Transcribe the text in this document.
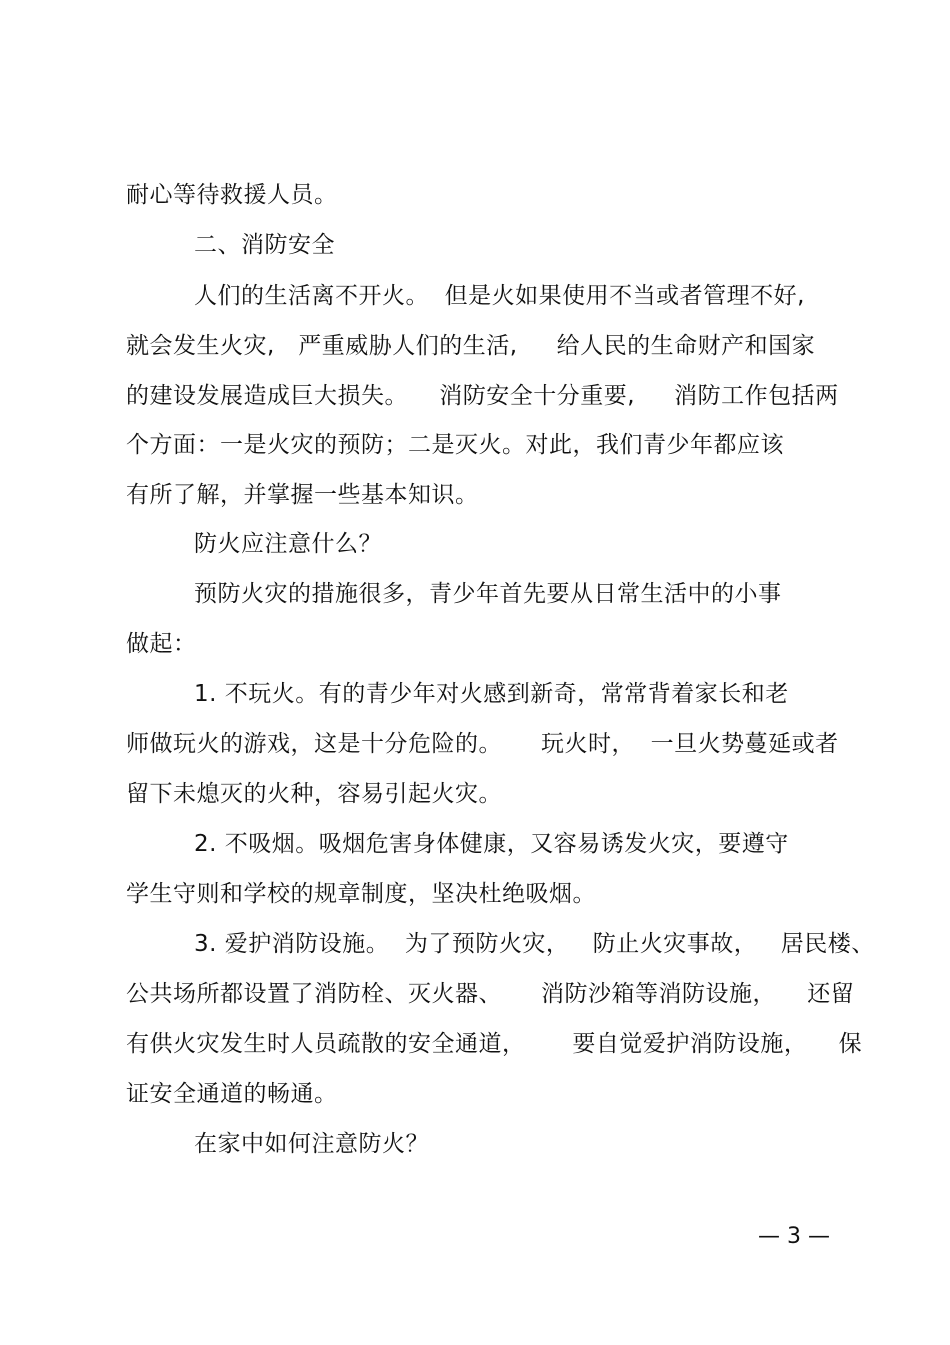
耐心等待救援人员。
二、消防安全
人们的生活离不开火。  但是火如果使用不当或者管理不好,
就会发生火灾,   严重威胁人们的生活,     给人民的生命财产和国家
的建设发展造成巨大损失。    消防安全十分重要,     消防工作包括两
个方面：一是火灾的预防；二是灭火。对此，我们青少年都应该
有所了解，并掌握一些基本知识。
防火应注意什么？
预防火灾的措施很多，青少年首先要从日常生活中的小事
做起：
1. 不玩火。有的青少年对火感到新奇，常常背着家长和老
师做玩火的游戏，这是十分危险的。     玩火时，  一旦火势蔓延或者
留下未熄灭的火种，容易引起火灾。
2. 不吸烟。吸烟危害身体健康，又容易诱发火灾，要遵守
学生守则和学校的规章制度，坚决杜绝吸烟。
3. 爱护消防设施。  为了预防火灾，   防止火灾事故，   居民楼、
公共场所都设置了消防栓、灭火器、     消防沙箱等消防设施，    还留
有供火灾发生时人员疏散的安全通道，      要自觉爱护消防设施，    保
证安全通道的畅通。
在家中如何注意防火？
— 3 —
